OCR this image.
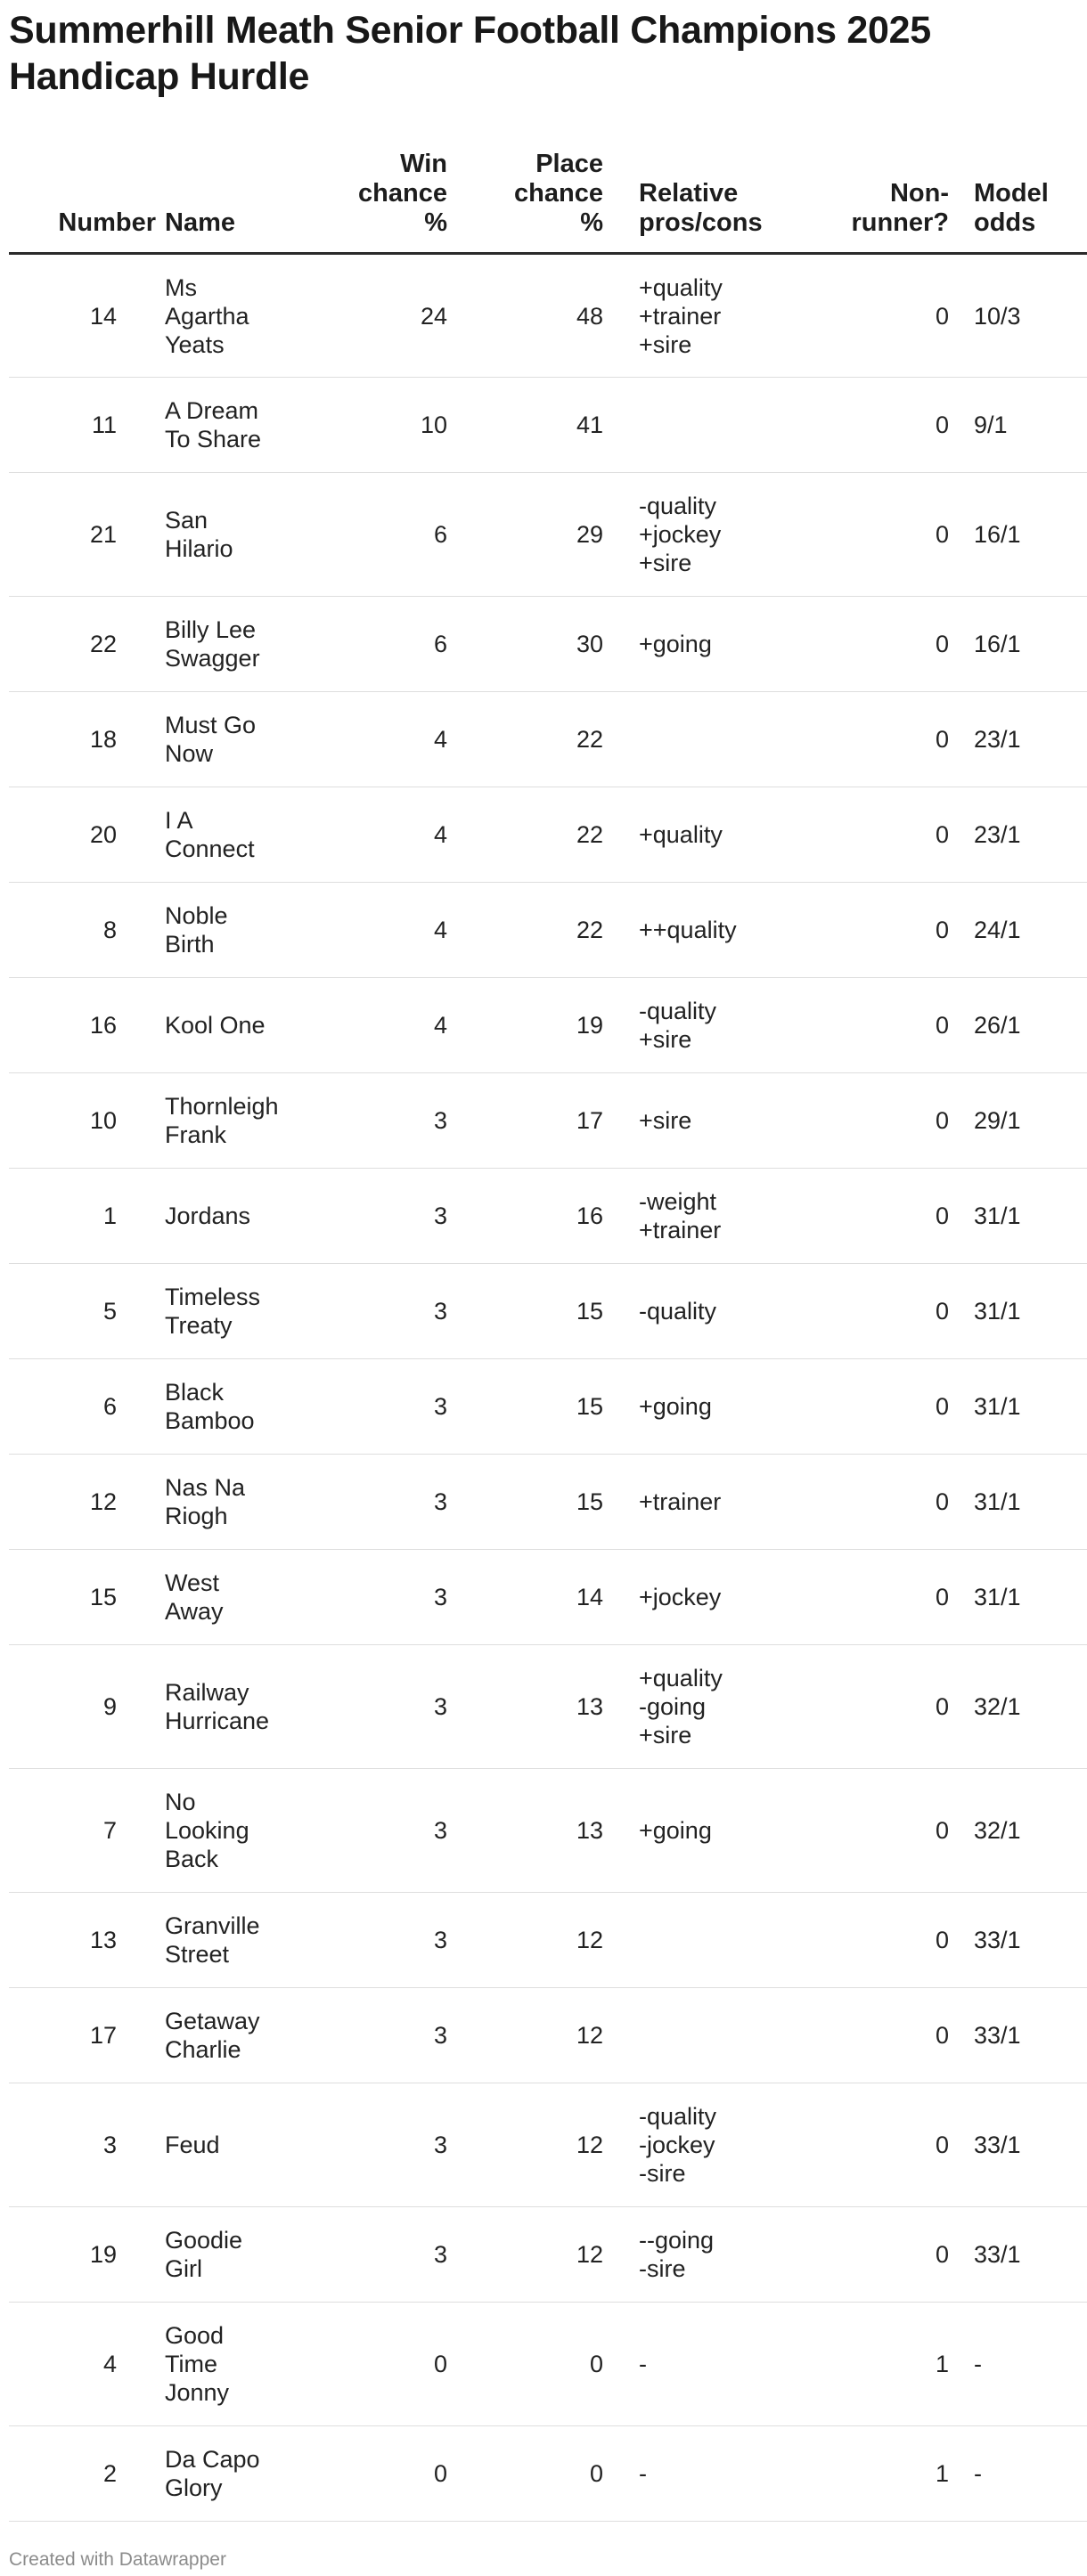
Summerhill Meath Senior Football Champions 2025
Handicap Hurdle
Number	Name	Win
chance
%	Place
chance
%	Relative
pros/cons	Non-
runner?	Model
odds

14	Ms
Agartha
Yeats	24	48	+quality
+trainer
+sire	0	10/3
11	A Dream
To Share	10	41		0	9/1
21	San
Hilario	6	29	-quality
+jockey
+sire	0	16/1
22	Billy Lee
Swagger	6	30	+going	0	16/1
18	Must Go
Now	4	22		0	23/1
20	I A
Connect	4	22	+quality	0	23/1
8	Noble
Birth	4	22	++quality	0	24/1
16	Kool One	4	19	-quality
+sire	0	26/1
10	Thornleigh
Frank	3	17	+sire	0	29/1
1	Jordans	3	16	-weight
+trainer	0	31/1
5	Timeless
Treaty	3	15	-quality	0	31/1
6	Black
Bamboo	3	15	+going	0	31/1
12	Nas Na
Riogh	3	15	+trainer	0	31/1
15	West
Away	3	14	+jockey	0	31/1
9	Railway
Hurricane	3	13	+quality
-going
+sire	0	32/1
7	No
Looking
Back	3	13	+going	0	32/1
13	Granville
Street	3	12		0	33/1
17	Getaway
Charlie	3	12		0	33/1
3	Feud	3	12	-quality
-jockey
-sire	0	33/1
19	Goodie
Girl	3	12	--going
-sire	0	33/1
4	Good
Time
Jonny	0	0	-	1	-
2	Da Capo
Glory	0	0	-	1	-
Created with Datawrapper
